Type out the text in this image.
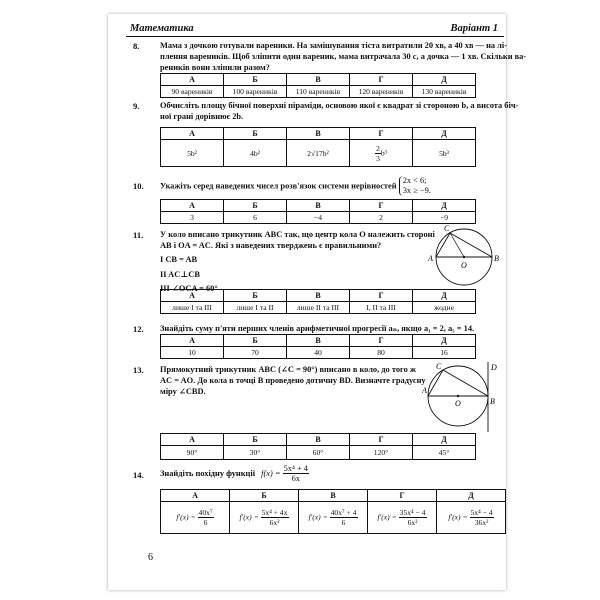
Математика	Варіант 1
8. Мама з дочкою готували вареники. На замішування тіста витратили 20 хв, а 40 хв — на лі-
плення вареників. Щоб зліпити один вареник, мама витрачала 30 с, а дочка — 1 хв. Скільки ва-
реників вони зліпили разом?
А	Б	В	Г	Д
90 вареників	100 вареників	110 вареників	120 вареників	130 вареників
9. Обчисліть площу бічної поверхні піраміди, основою якої є квадрат зі стороною b, а висота біч-
ної грані дорівнює 2b.
А	Б	В	Г	Д
5b²	4b²	2√17b²	$\frac{2}{3} b^3$	5b³
10. Укажіть серед наведених чисел розв'язок системи нерівностей
2x < 6;
3x ≥ −9.
А	Б	В	Г	Д
3	6	−4	2	−9
11. У коло вписано трикутник ABC так, що центр кола O належить стороні
AB і OA = AC. Які з наведених тверджень є правильними?
I CB = AB
II AC⊥CB
III ∠OCA = 60°
A	B
C
O
А	Б	В	Г	Д
лише I та III	лише I та II	лише II та III	I, II та III	жодне
12. Знайдіть суму п'яти перших членів арифметичної прогресії aₙ, якщо a₁ = 2, a₅ = 14.
А	Б	В	Г	Д
10	70	40	80	16
13. Прямокутний трикутник ABC (∠C = 90°) вписано в коло, до того ж
AC = AO. До кола в точці B проведено дотичну BD. Визначте градусну
міру ∠CBD.	A
B
C	D
O
А	Б	В	Г	Д
90°	30°	60°	120°	45°
14. Знайдіть похідну функції $f(x) = \frac{\text{5x⁴ + 4}}{6x}$
А	Б	В	Г	Д
$f'(x) = \frac{\text{40x⁷}}{6}$	$f'(x) = \frac{\text{5x⁴ + 4x}}{\text{6x²}}$	$f'(x) = \frac{\text{40x⁷ + 4}}{6}$	$f'(x) = \frac{\text{35x⁴ − 4}}{\text{6x²}}$	$f'(x) = \frac{\text{5x⁴ − 4}}{\text{36x²}}$
6
